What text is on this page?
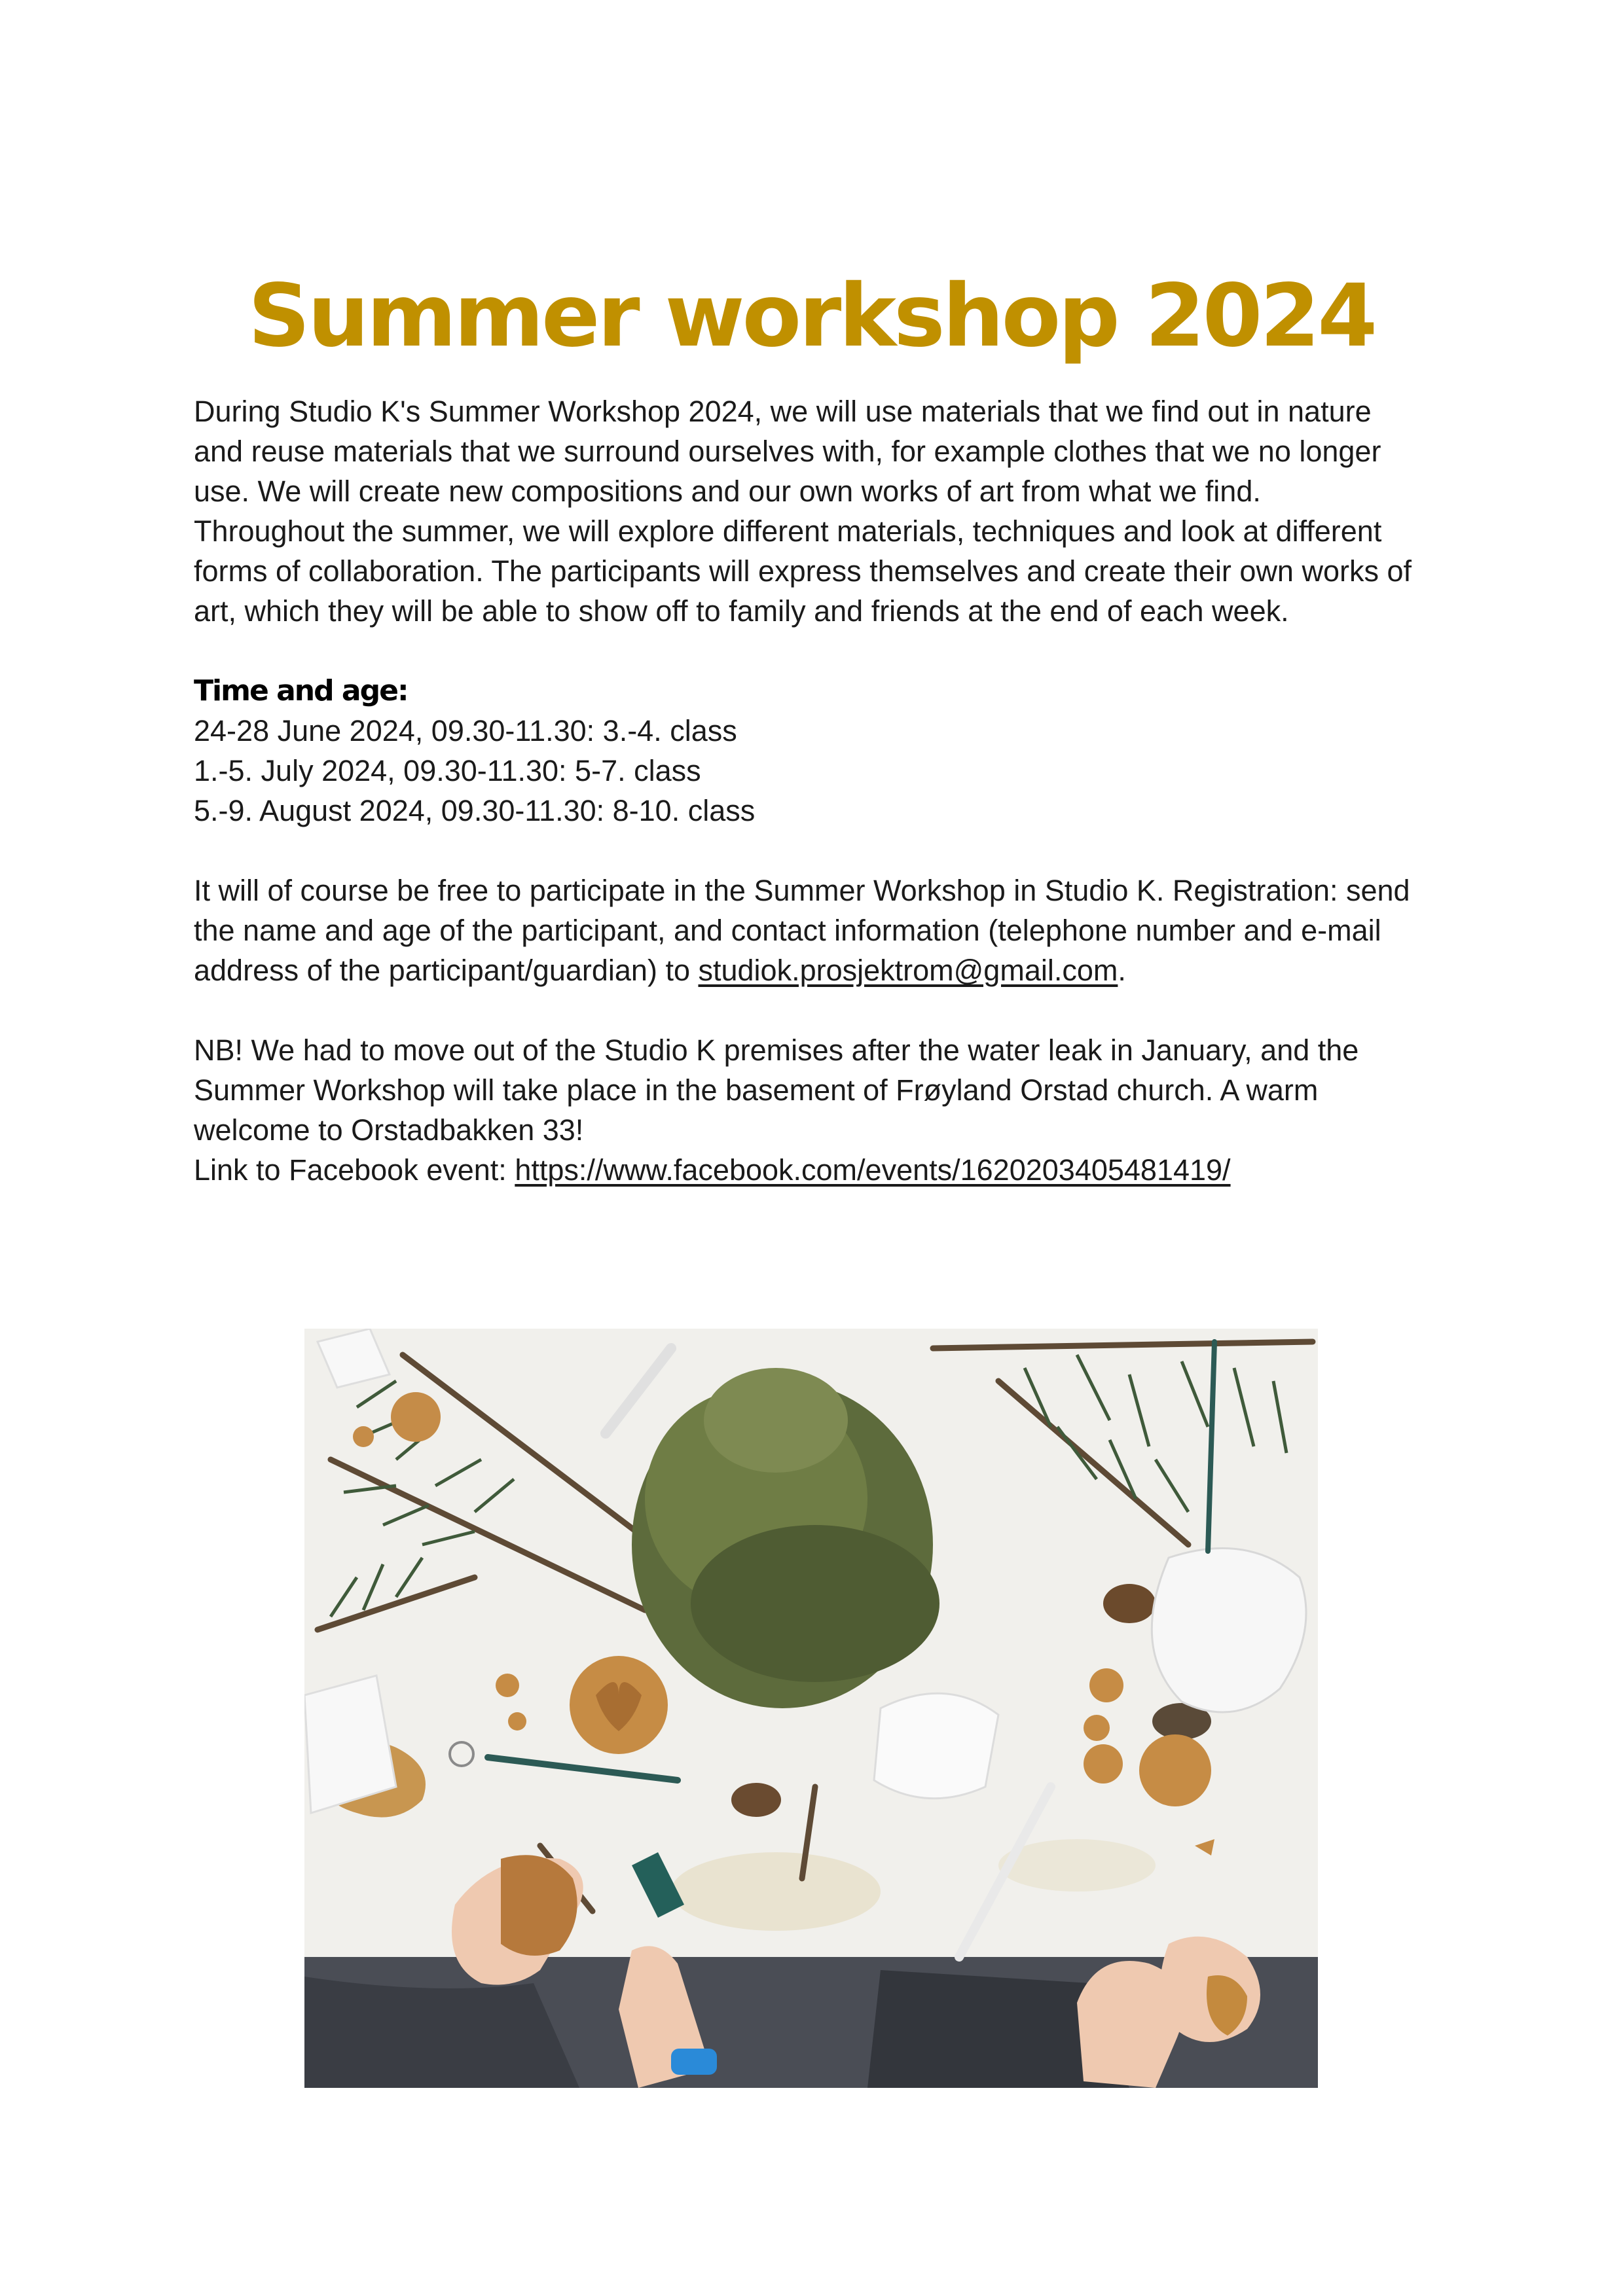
Summer workshop 2024

During Studio K's Summer Workshop 2024, we will use materials that we find out in nature

and reuse materials that we surround ourselves with, for example clothes that we no longer

use. We will create new compositions and our own works of art from what we find.

Throughout the summer, we will explore different materials, techniques and look at different

forms of collaboration. The participants will express themselves and create their own works of

art, which they will be able to show off to family and friends at the end of each week.

Time and age:

24-28 June 2024, 09.30-11.30: 3.-4. class

1.-5. July 2024, 09.30-11.30: 5-7. class

5.-9. August 2024, 09.30-11.30: 8-10. class

It will of course be free to participate in the Summer Workshop in Studio K. Registration: send

the name and age of the participant, and contact information (telephone number and e-mail

address of the participant/guardian) to studiok.prosjektrom@gmail.com.

NB! We had to move out of the Studio K premises after the water leak in January, and the

Summer Workshop will take place in the basement of Frøyland Orstad church. A warm

welcome to Orstadbakken 33!

Link to Facebook event: https://www.facebook.com/events/1620203405481419/
